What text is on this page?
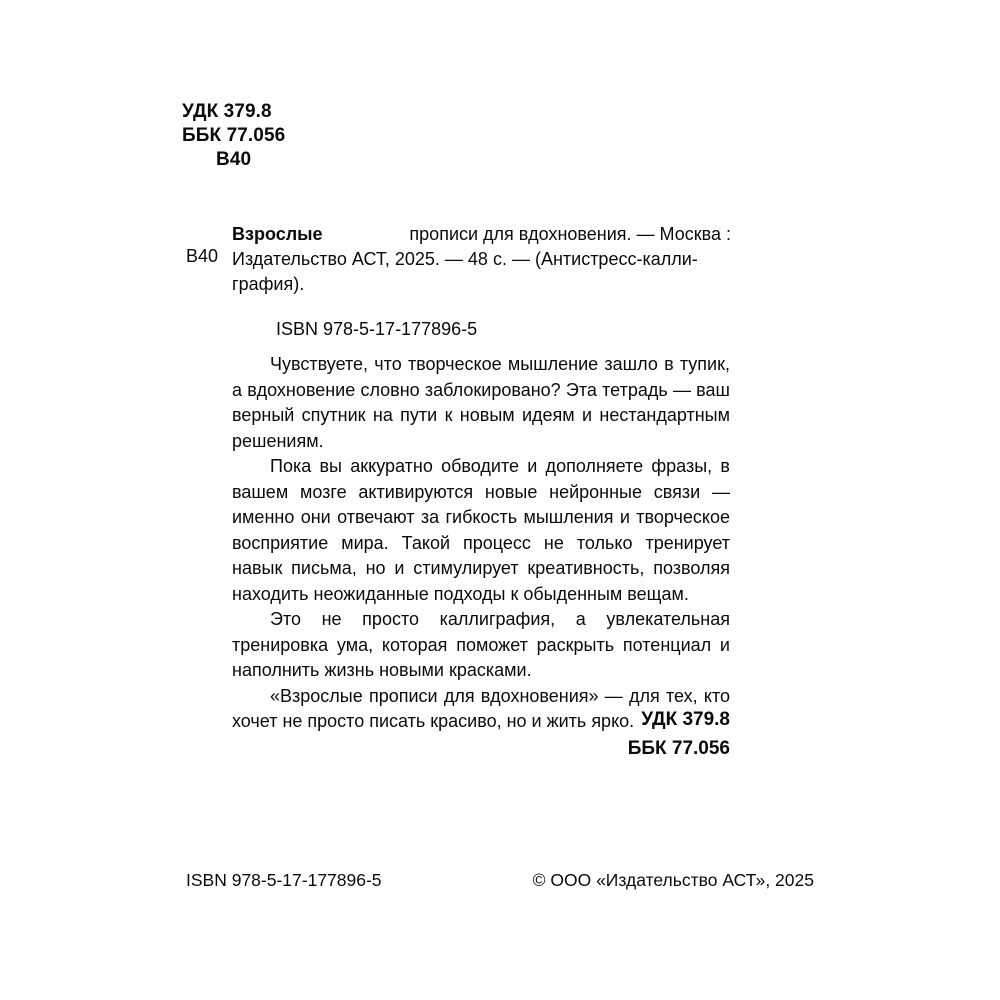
УДК 379.8
ББК 77.056
В40
В40
Взрослые	прописи для вдохновения. — Москва :
Издательство АСТ, 2025. — 48 с. — (Антистресс-калли-
графия).
ISBN 978-5-17-177896-5

Чувствуете, что творческое мышление зашло в тупик, а вдохновение словно заблокировано? Эта тетрадь — ваш верный спутник на пути к новым идеям и нестандартным решениям.

Пока вы аккуратно обводите и дополняете фразы, в вашем мозге активируются новые нейронные связи — именно они отвечают за гибкость мышления и творческое восприятие мира. Такой процесс не только тренирует навык письма, но и стимулирует креативность, позволяя находить неожиданные подходы к обыденным вещам.

Это не просто каллиграфия, а увлекательная тренировка ума, которая поможет раскрыть потенциал и наполнить жизнь новыми красками.

«Взрослые прописи для вдохновения» — для тех, кто хочет не просто писать красиво, но и жить ярко. УДК 379.8
ББК 77.056
ISBN 978-5-17-177896-5	© ООО «Издательство АСТ», 2025
